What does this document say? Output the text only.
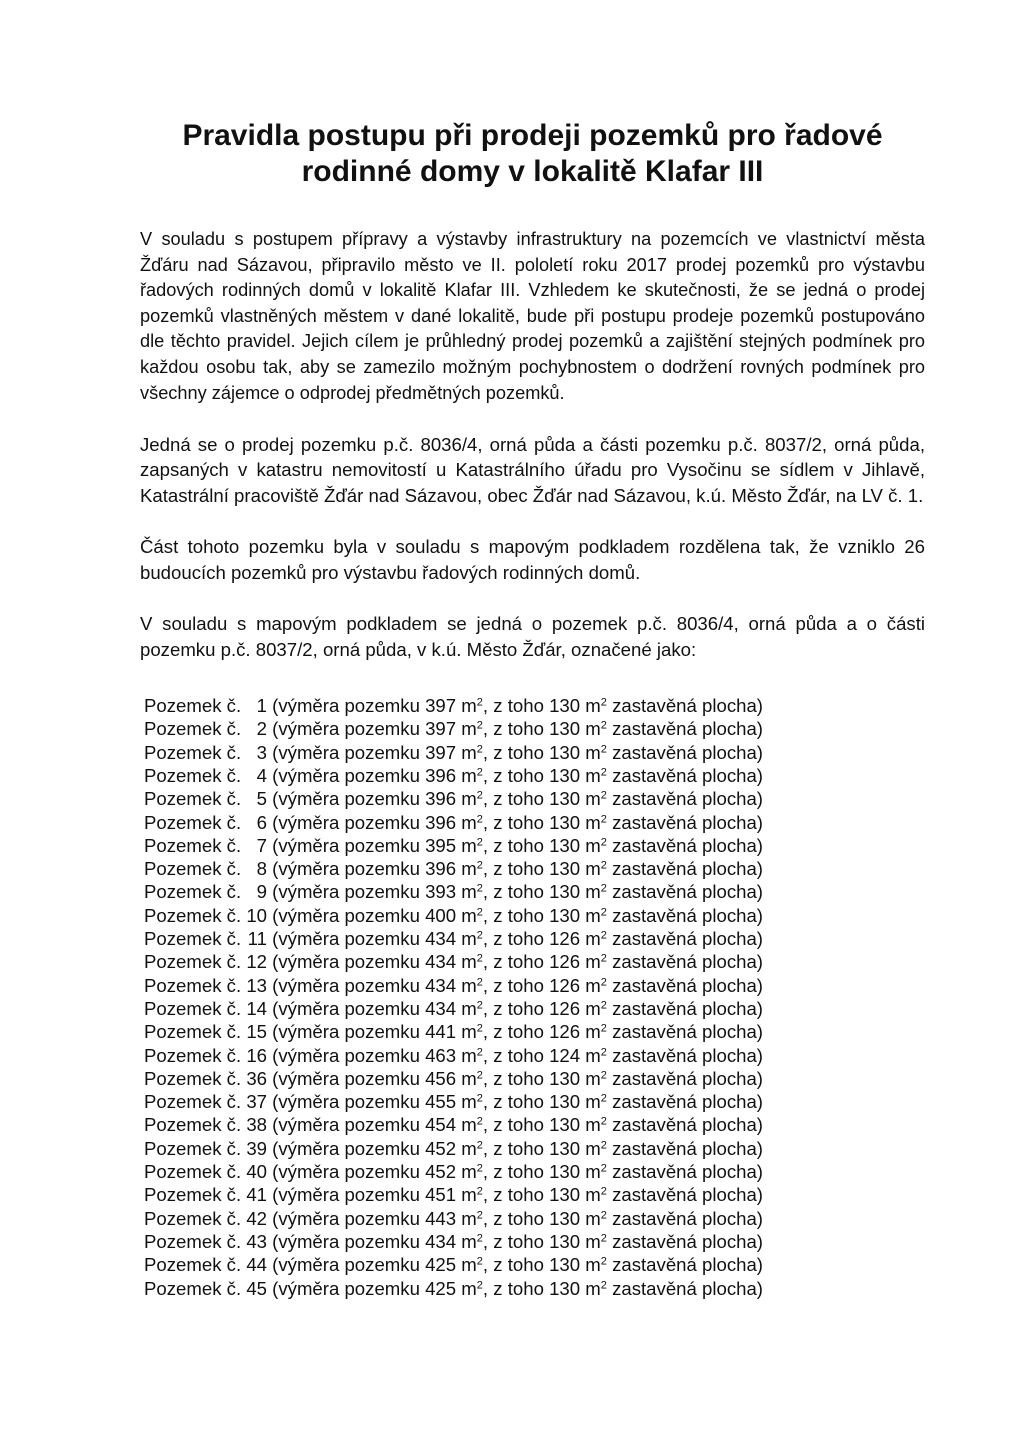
Pravidla postupu při prodeji pozemků pro řadové
rodinné domy v lokalitě Klafar III

V souladu s postupem přípravy a výstavby infrastruktury na pozemcích ve vlastnictví města Žďáru nad Sázavou, připravilo město ve II. pololetí roku 2017 prodej pozemků pro výstavbu řadových rodinných domů v lokalitě Klafar III. Vzhledem ke skutečnosti, že se jedná o prodej pozemků vlastněných městem v dané lokalitě, bude při postupu prodeje pozemků postupováno dle těchto pravidel. Jejich cílem je průhledný prodej pozemků a zajištění stejných podmínek pro každou osobu tak, aby se zamezilo možným pochybnostem o dodržení rovných podmínek pro všechny zájemce o odprodej předmětných pozemků.

Jedná se o prodej pozemku p.č. 8036/4, orná půda a části pozemku p.č. 8037/2, orná půda, zapsaných v katastru nemovitostí u Katastrálního úřadu pro Vysočinu se sídlem v Jihlavě, Katastrální pracoviště Žďár nad Sázavou, obec Žďár nad Sázavou, k.ú. Město Žďár, na LV č. 1.

Část tohoto pozemku byla v souladu s mapovým podkladem rozdělena tak, že vzniklo 26 budoucích pozemků pro výstavbu řadových rodinných domů.

V souladu s mapovým podkladem se jedná o pozemek p.č. 8036/4, orná půda a o části pozemku p.č. 8037/2, orná půda, v k.ú. Město Žďár, označené jako:

Pozemek č. 1 (výměra pozemku 397 $m^2$, z toho 130 $m^2$ zastavěná plocha)
Pozemek č. 2 (výměra pozemku 397 $m^2$, z toho 130 $m^2$ zastavěná plocha)
Pozemek č. 3 (výměra pozemku 397 $m^2$, z toho 130 $m^2$ zastavěná plocha)
Pozemek č. 4 (výměra pozemku 396 $m^2$, z toho 130 $m^2$ zastavěná plocha)
Pozemek č. 5 (výměra pozemku 396 $m^2$, z toho 130 $m^2$ zastavěná plocha)
Pozemek č. 6 (výměra pozemku 396 $m^2$, z toho 130 $m^2$ zastavěná plocha)
Pozemek č. 7 (výměra pozemku 395 $m^2$, z toho 130 $m^2$ zastavěná plocha)
Pozemek č. 8 (výměra pozemku 396 $m^2$, z toho 130 $m^2$ zastavěná plocha)
Pozemek č. 9 (výměra pozemku 393 $m^2$, z toho 130 $m^2$ zastavěná plocha)
Pozemek č. 10 (výměra pozemku 400 $m^2$, z toho 130 $m^2$ zastavěná plocha)
Pozemek č. 11 (výměra pozemku 434 $m^2$, z toho 126 $m^2$ zastavěná plocha)
Pozemek č. 12 (výměra pozemku 434 $m^2$, z toho 126 $m^2$ zastavěná plocha)
Pozemek č. 13 (výměra pozemku 434 $m^2$, z toho 126 $m^2$ zastavěná plocha)
Pozemek č. 14 (výměra pozemku 434 $m^2$, z toho 126 $m^2$ zastavěná plocha)
Pozemek č. 15 (výměra pozemku 441 $m^2$, z toho 126 $m^2$ zastavěná plocha)
Pozemek č. 16 (výměra pozemku 463 $m^2$, z toho 124 $m^2$ zastavěná plocha)
Pozemek č. 36 (výměra pozemku 456 $m^2$, z toho 130 $m^2$ zastavěná plocha)
Pozemek č. 37 (výměra pozemku 455 $m^2$, z toho 130 $m^2$ zastavěná plocha)
Pozemek č. 38 (výměra pozemku 454 $m^2$, z toho 130 $m^2$ zastavěná plocha)
Pozemek č. 39 (výměra pozemku 452 $m^2$, z toho 130 $m^2$ zastavěná plocha)
Pozemek č. 40 (výměra pozemku 452 $m^2$, z toho 130 $m^2$ zastavěná plocha)
Pozemek č. 41 (výměra pozemku 451 $m^2$, z toho 130 $m^2$ zastavěná plocha)
Pozemek č. 42 (výměra pozemku 443 $m^2$, z toho 130 $m^2$ zastavěná plocha)
Pozemek č. 43 (výměra pozemku 434 $m^2$, z toho 130 $m^2$ zastavěná plocha)
Pozemek č. 44 (výměra pozemku 425 $m^2$, z toho 130 $m^2$ zastavěná plocha)
Pozemek č. 45 (výměra pozemku 425 $m^2$, z toho 130 $m^2$ zastavěná plocha)
